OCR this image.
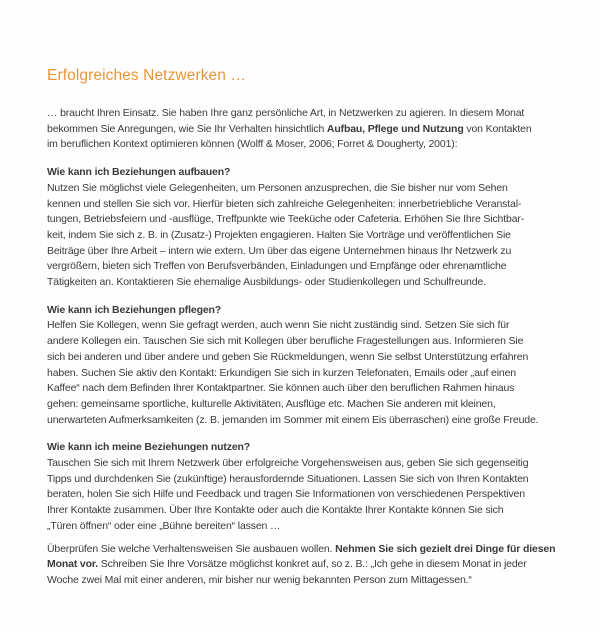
Erfolgreiches Netzwerken …
… braucht Ihren Einsatz. Sie haben Ihre ganz persönliche Art, in Netzwerken zu agieren. In diesem Monat
bekommen Sie Anregungen, wie Sie Ihr Verhalten hinsichtlich Aufbau, Pflege und Nutzung von Kontakten
im beruflichen Kontext optimieren können (Wolff & Moser, 2006; Forret & Dougherty, 2001):
Wie kann ich Beziehungen aufbauen?
Nutzen Sie möglichst viele Gelegenheiten, um Personen anzusprechen, die Sie bisher nur vom Sehen
kennen und stellen Sie sich vor. Hierfür bieten sich zahlreiche Gelegenheiten: innerbetriebliche Veranstal-
tungen, Betriebsfeiern und -ausflüge, Treffpunkte wie Teeküche oder Cafeteria. Erhöhen Sie Ihre Sichtbar-
keit, indem Sie sich z. B. in (Zusatz-) Projekten engagieren. Halten Sie Vorträge und veröffentlichen Sie
Beiträge über Ihre Arbeit – intern wie extern. Um über das eigene Unternehmen hinaus Ihr Netzwerk zu
vergrößern, bieten sich Treffen von Berufsverbänden, Einladungen und Empfänge oder ehrenamtliche
Tätigkeiten an. Kontaktieren Sie ehemalige Ausbildungs- oder Studienkollegen und Schulfreunde.
Wie kann ich Beziehungen pflegen?
Helfen Sie Kollegen, wenn Sie gefragt werden, auch wenn Sie nicht zuständig sind. Setzen Sie sich für
andere Kollegen ein. Tauschen Sie sich mit Kollegen über berufliche Fragestellungen aus. Informieren Sie
sich bei anderen und über andere und geben Sie Rückmeldungen, wenn Sie selbst Unterstützung erfahren
haben. Suchen Sie aktiv den Kontakt: Erkundigen Sie sich in kurzen Telefonaten, Emails oder „auf einen
Kaffee“ nach dem Befinden Ihrer Kontaktpartner. Sie können auch über den beruflichen Rahmen hinaus
gehen: gemeinsame sportliche, kulturelle Aktivitäten, Ausflüge etc. Machen Sie anderen mit kleinen,
unerwarteten Aufmerksamkeiten (z. B. jemanden im Sommer mit einem Eis überraschen) eine große Freude.
Wie kann ich meine Beziehungen nutzen?
Tauschen Sie sich mit Ihrem Netzwerk über erfolgreiche Vorgehensweisen aus, geben Sie sich gegenseitig
Tipps und durchdenken Sie (zukünftige) herausfordernde Situationen. Lassen Sie sich von Ihren Kontakten
beraten, holen Sie sich Hilfe und Feedback und tragen Sie Informationen von verschiedenen Perspektiven
Ihrer Kontakte zusammen. Über Ihre Kontakte oder auch die Kontakte Ihrer Kontakte können Sie sich
„Türen öffnen“ oder eine „Bühne bereiten“ lassen …
Überprüfen Sie welche Verhaltensweisen Sie ausbauen wollen. Nehmen Sie sich gezielt drei Dinge für diesen
Monat vor. Schreiben Sie Ihre Vorsätze möglichst konkret auf, so z. B.: „Ich gehe in diesem Monat in jeder
Woche zwei Mal mit einer anderen, mir bisher nur wenig bekannten Person zum Mittagessen.“
